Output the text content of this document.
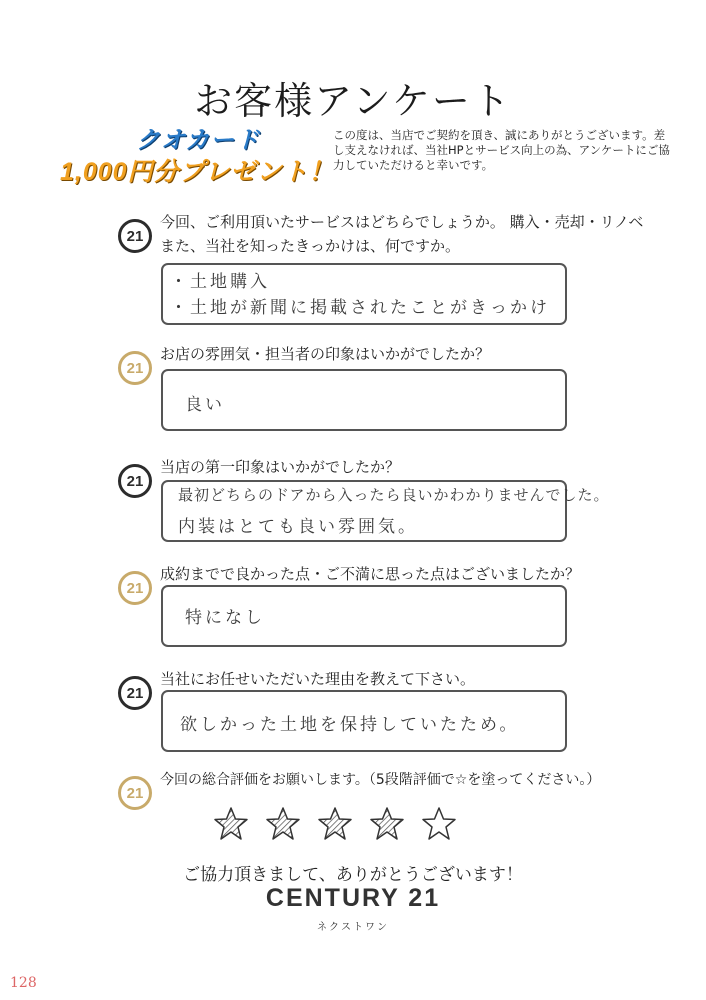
お客様アンケート
クオカード
1,000円分プレゼント！
この度は、当店でご契約を頂き、誠にありがとうございます。差し支えなければ、当社HPとサービス向上の為、アンケートにご協力していただけると幸いです。
21
今回、ご利用頂いたサービスはどちらでしょうか。 購入・売却・リノベ
また、当社を知ったきっかけは、何ですか。
・土地購入
・土地が新聞に掲載されたことがきっかけ
21
お店の雰囲気・担当者の印象はいかがでしたか？
良い
21
当店の第一印象はいかがでしたか？
最初どちらのドアから入ったら良いかわかりませんでした。
内装はとても良い雰囲気。
21
成約までで良かった点・ご不満に思った点はございましたか？
特になし
21
当社にお任せいただいた理由を教えて下さい。
欲しかった土地を保持していたため。
21
今回の総合評価をお願いします。（5段階評価で☆を塗ってください。）
ご協力頂きまして、ありがとうございます！
CENTURY 21
ネクストワン
128
